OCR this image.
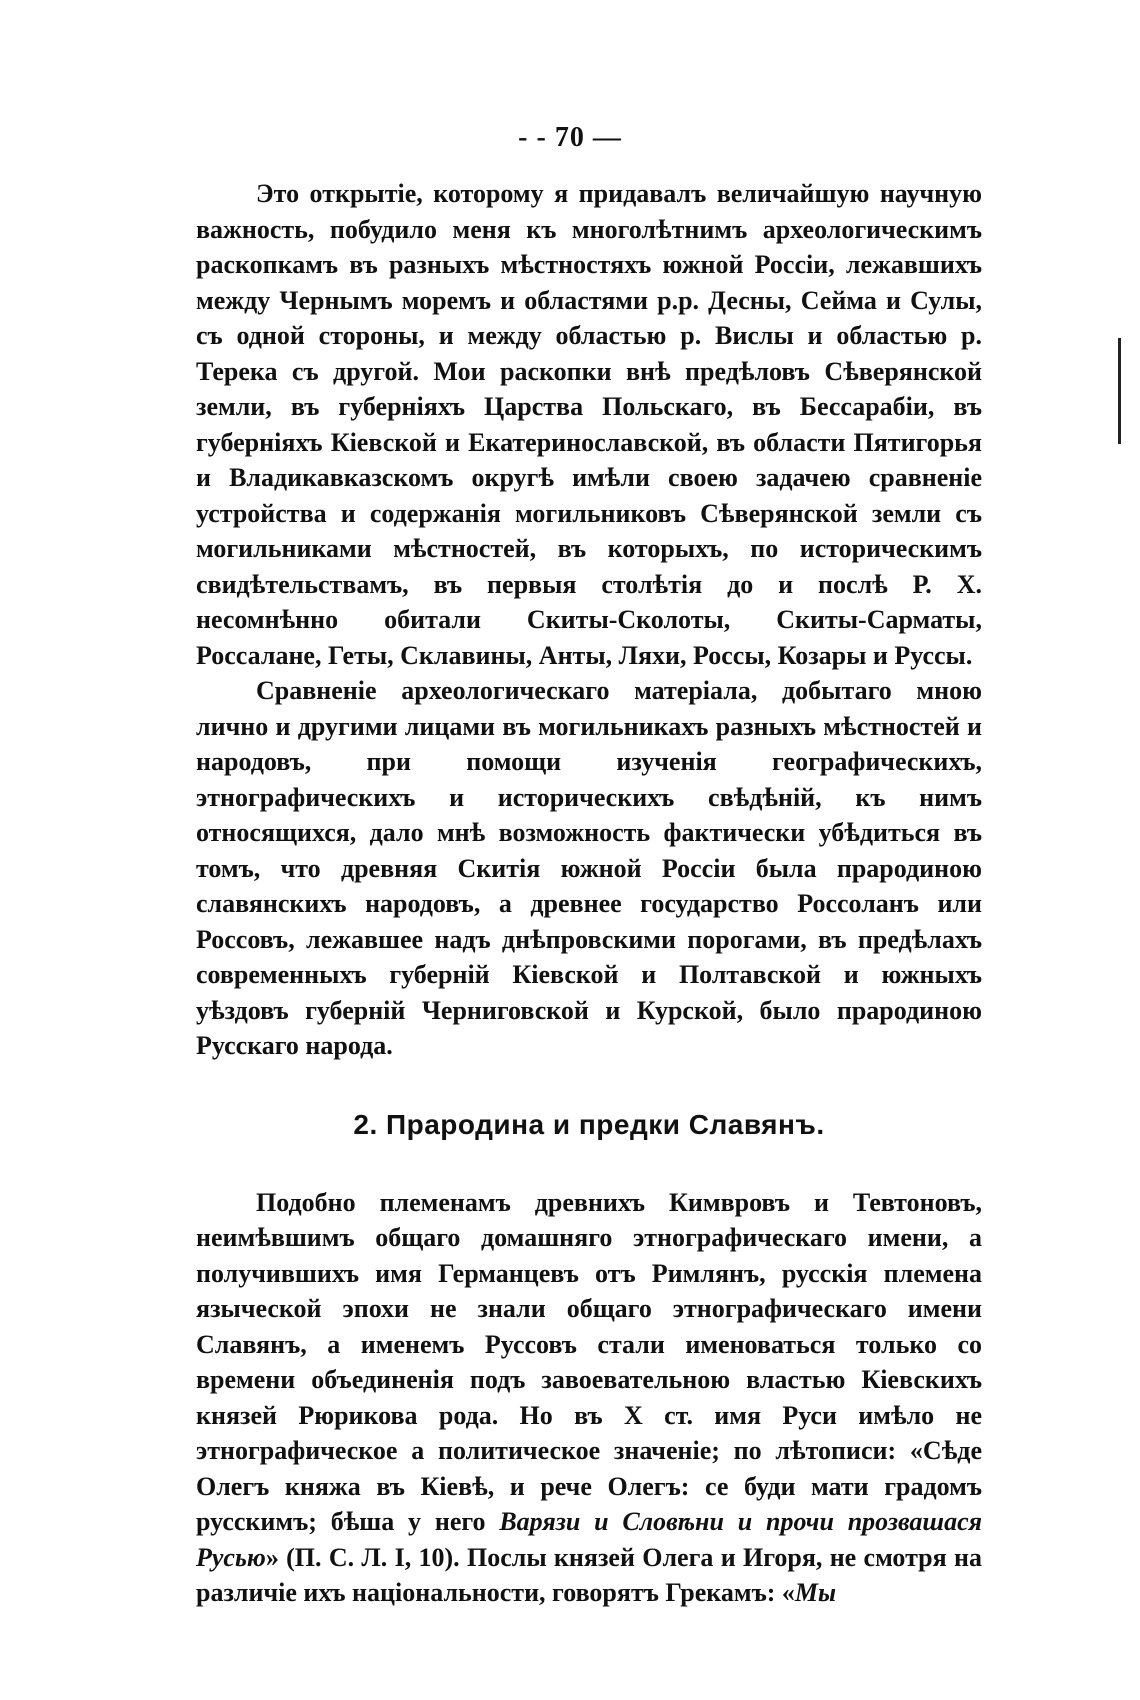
- - 70 —

Это открытіе, которому я придавалъ величайшую научную важность, побудило меня къ многолѣтнимъ археологическимъ раскопкамъ въ разныхъ мѣстностяхъ южной Россіи, лежавшихъ между Чернымъ моремъ и областями р.р. Десны, Сейма и Сулы, съ одной стороны, и между областью р. Вислы и областью р. Терека съ другой. Мои раскопки внѣ предѣловъ Сѣверянской земли, въ губерніяхъ Царства Польскаго, въ Бессарабіи, въ губерніяхъ Кіевской и Екатеринославской, въ области Пятигорья и Владикавказскомъ округѣ имѣли своею задачею сравненіе устройства и содержанія могильниковъ Сѣверянской земли съ могильниками мѣстностей, въ которыхъ, по историческимъ свидѣтельствамъ, въ первыя столѣтія до и послѣ Р. Х. несомнѣнно обитали Скиты-Сколоты, Скиты-Сарматы, Россалане, Геты, Склавины, Анты, Ляхи, Россы, Козары и Руссы.

Сравненіе археологическаго матеріала, добытаго мною лично и другими лицами въ могильникахъ разныхъ мѣстностей и народовъ, при помощи изученія географическихъ, этнографическихъ и историческихъ свѣдѣній, къ нимъ относящихся, дало мнѣ возможность фактически убѣдиться въ томъ, что древняя Скитія южной Россіи была прародиною славянскихъ народовъ, а древнее государство Россоланъ или Россовъ, лежавшее надъ днѣпровскими порогами, въ предѣлахъ современныхъ губерній Кіевской и Полтавской и южныхъ уѣздовъ губерній Черниговской и Курской, было прародиною Русскаго народа.

2. Прародина и предки Славянъ.

Подобно племенамъ древнихъ Кимвровъ и Тевтоновъ, неимѣвшимъ общаго домашняго этнографическаго имени, а получившихъ имя Германцевъ отъ Римлянъ, русскія племена языческой эпохи не знали общаго этнографическаго имени Славянъ, а именемъ Руссовъ стали именоваться только со времени объединенія подъ завоевательною властью Кіевскихъ князей Рюрикова рода. Но въ X ст. имя Руси имѣло не этнографическое а политическое значеніе; по лѣтописи: «Сѣде Олегъ княжа въ Кіевѣ, и рече Олегъ: се буди мати градомъ русскимъ; бѣша у него Варязи и Словѣни и прочи прозвашася Русью» (П. С. Л. I, 10). Послы князей Олега и Игоря, не смотря на различіе ихъ національности, говорятъ Грекамъ: «Мы
